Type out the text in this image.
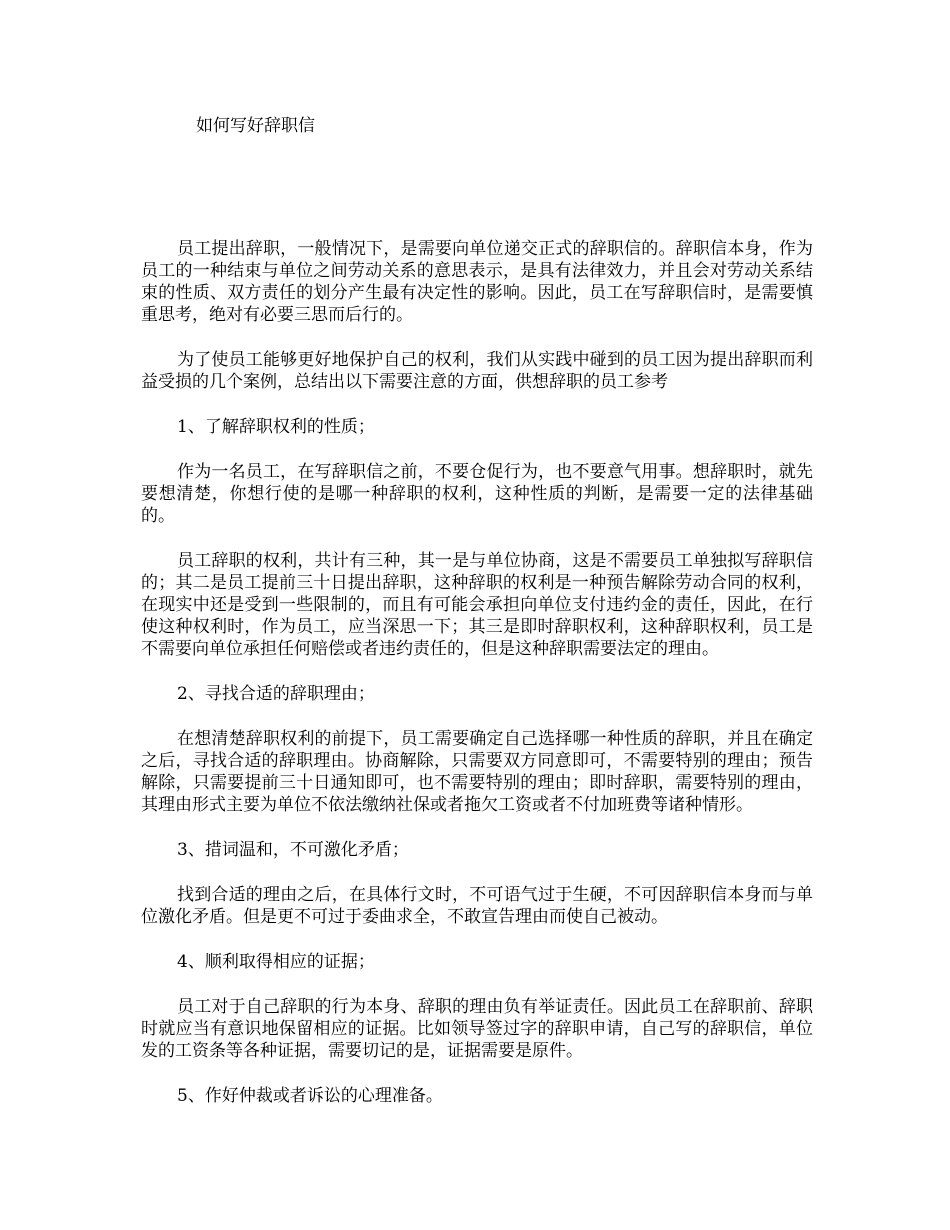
如何写好辞职信

员工提出辞职，一般情况下，是需要向单位递交正式的辞职信的。辞职信本身，作为员工的一种结束与单位之间劳动关系的意思表示，是具有法律效力，并且会对劳动关系结束的性质、双方责任的划分产生最有决定性的影响。因此，员工在写辞职信时，是需要慎重思考，绝对有必要三思而后行的。

为了使员工能够更好地保护自己的权利，我们从实践中碰到的员工因为提出辞职而利益受损的几个案例，总结出以下需要注意的方面，供想辞职的员工参考

1、了解辞职权利的性质；

作为一名员工，在写辞职信之前，不要仓促行为，也不要意气用事。想辞职时，就先要想清楚，你想行使的是哪一种辞职的权利，这种性质的判断，是需要一定的法律基础的。

员工辞职的权利，共计有三种，其一是与单位协商，这是不需要员工单独拟写辞职信的；其二是员工提前三十日提出辞职，这种辞职的权利是一种预告解除劳动合同的权利，在现实中还是受到一些限制的，而且有可能会承担向单位支付违约金的责任，因此，在行使这种权利时，作为员工，应当深思一下；其三是即时辞职权利，这种辞职权利，员工是不需要向单位承担任何赔偿或者违约责任的，但是这种辞职需要法定的理由。

2、寻找合适的辞职理由；

在想清楚辞职权利的前提下，员工需要确定自己选择哪一种性质的辞职，并且在确定之后，寻找合适的辞职理由。协商解除，只需要双方同意即可，不需要特别的理由；预告解除，只需要提前三十日通知即可，也不需要特别的理由；即时辞职，需要特别的理由，其理由形式主要为单位不依法缴纳社保或者拖欠工资或者不付加班费等诸种情形。

3、措词温和，不可激化矛盾；

找到合适的理由之后，在具体行文时，不可语气过于生硬，不可因辞职信本身而与单位激化矛盾。但是更不可过于委曲求全，不敢宣告理由而使自己被动。

4、顺利取得相应的证据；

员工对于自己辞职的行为本身、辞职的理由负有举证责任。因此员工在辞职前、辞职时就应当有意识地保留相应的证据。比如领导签过字的辞职申请，自己写的辞职信，单位发的工资条等各种证据，需要切记的是，证据需要是原件。

5、作好仲裁或者诉讼的心理准备。
